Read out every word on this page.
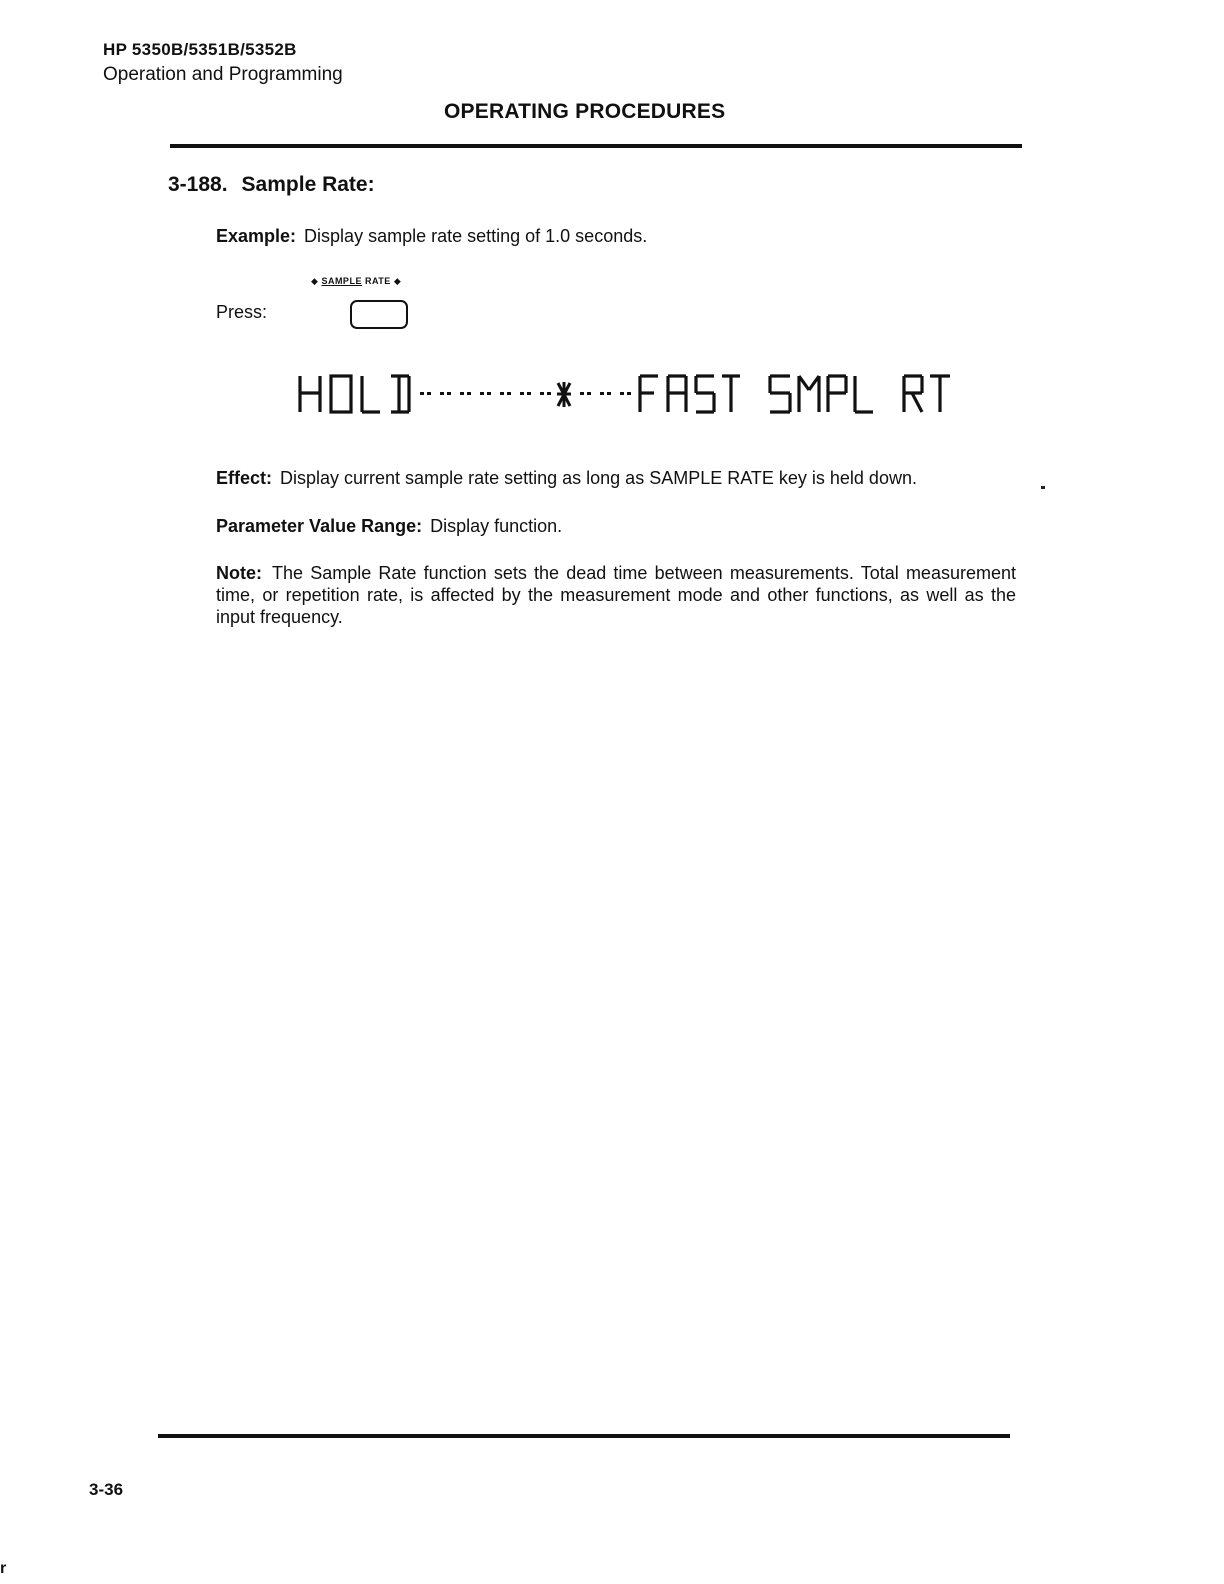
HP 5350B/5351B/5352B
Operation and Programming
OPERATING PROCEDURES
3-188. Sample Rate:
Example: Display sample rate setting of 1.0 seconds.
◆ SAMPLE RATE ◆
Press:
Effect: Display current sample rate setting as long as SAMPLE RATE key is held down.
Parameter Value Range: Display function.
Note: The Sample Rate function sets the dead time between measurements. Total measurement time, or repetition rate, is affected by the measurement mode and other functions, as well as the input frequency.
3-36
r
